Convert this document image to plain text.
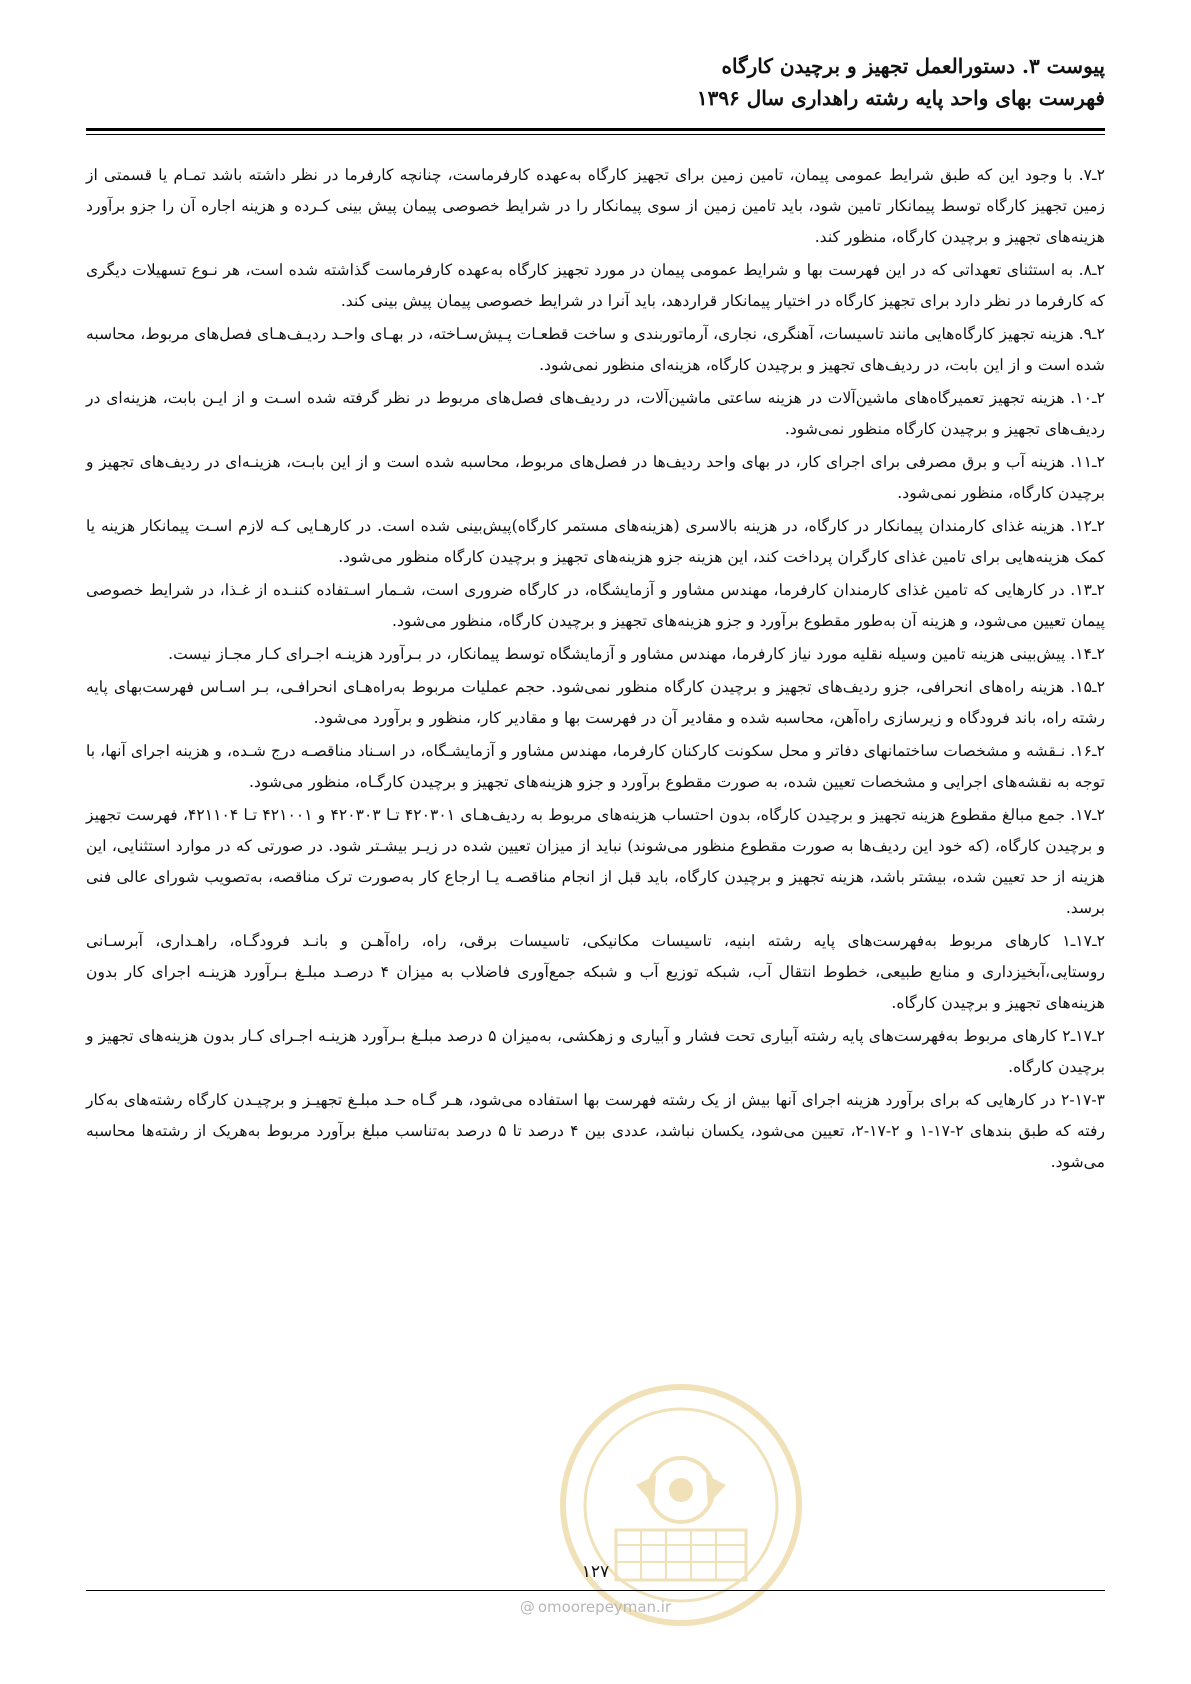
پیوست ۳. دستورالعمل تجهیز و برچیدن کارگاه
فهرست بهای واحد پایه رشته راهداری سال ۱۳۹۶

۲ـ۷. با وجود این که طبق شرایط عمومی پیمان، تامین زمین برای تجهیز کارگاه به‌عهده کارفرماست، چنانچه کارفرما در نظر داشته باشد تمـام یا قسمتی از زمین تجهیز کارگاه توسط پیمانکار تامین شود، باید تامین زمین از سوی پیمانکار را در شرایط خصوصی پیمان پیش بینی کـرده و هزینه اجاره آن را جزو برآورد هزینه‌های تجهیز و برچیدن کارگاه، منظور کند.

۲ـ۸. به استثنای تعهداتی که در این فهرست بها و شرایط عمومی پیمان در مورد تجهیز کارگاه به‌عهده کارفرماست گذاشته شده است، هر نـوع تسهیلات دیگری که کارفرما در نظر دارد برای تجهیز کارگاه در اختیار پیمانکار قراردهد، باید آنرا در شرایط خصوصی پیمان پیش بینی کند.

۲ـ۹. هزینه تجهیز کارگاه‌هایی مانند تاسیسات، آهنگری، نجاری، آرماتوربندی و ساخت قطعـات پـیش‌سـاخته، در بهـای واحـد ردیـف‌هـای فصل‌های مربوط، محاسبه شده است و از این بابت، در ردیف‌های تجهیز و برچیدن کارگاه، هزینه‌ای منظور نمی‌شود.

۲ـ۱۰. هزینه تجهیز تعمیرگاه‌های ماشین‌آلات در هزینه ساعتی ماشین‌آلات، در ردیف‌های فصل‌های مربوط در نظر گرفته شده اسـت و از ایـن بابت، هزینه‌ای در ردیف‌های تجهیز و برچیدن کارگاه منظور نمی‌شود.

۲ـ۱۱. هزینه آب و برق مصرفی برای اجرای کار، در بهای واحد ردیف‌ها در فصل‌های مربوط، محاسبه شده است و از این بابـت، هزینـه‌ای در ردیف‌های تجهیز و برچیدن کارگاه، منظور نمی‌شود.

۲ـ۱۲. هزینه غذای کارمندان پیمانکار در کارگاه، در هزینه بالاسری (هزینه‌های مستمر کارگاه)پیش‌بینی شده است. در کارهـایی کـه لازم اسـت پیمانکار هزینه یا کمک هزینه‌هایی برای تامین غذای کارگران پرداخت کند، این هزینه جزو هزینه‌های تجهیز و برچیدن کارگاه منظور می‌شود.

۲ـ۱۳. در کارهایی که تامین غذای کارمندان کارفرما، مهندس مشاور و آزمایشگاه، در کارگاه ضروری است، شـمار اسـتفاده کننـده از غـذا، در شرایط خصوصی پیمان تعیین می‌شود، و هزینه آن به‌طور مقطوع برآورد و جزو هزینه‌های تجهیز و برچیدن کارگاه، منظور می‌شود.

۲ـ۱۴. پیش‌بینی هزینه تامین وسیله نقلیه مورد نیاز کارفرما، مهندس مشاور و آزمایشگاه توسط پیمانکار، در بـرآورد هزینـه اجـرای کـار مجـاز نیست.

۲ـ۱۵. هزینه راه‌های انحرافی، جزو ردیف‌های تجهیز و برچیدن کارگاه منظور نمی‌شود. حجم عملیات مربوط به‌راه‌هـای انحرافـی، بـر اسـاس فهرست‌بهای پایه رشته راه، باند فرودگاه و زیرسازی راه‌آهن، محاسبه شده و مقادیر آن در فهرست بها و مقادیر کار، منظور و برآورد می‌شود.

۲ـ۱۶. نـقشه و مشخصات ساختمانهای دفاتر و محل سکونت کارکنان کارفرما، مهندس مشاور و آزمایشـگاه، در اسـناد مناقصـه درج شـده، و هزینه اجرای آنها، با توجه به نقشه‌های اجرایی و مشخصات تعیین شده، به صورت مقطوع برآورد و جزو هزینه‌های تجهیز و برچیدن کارگـاه، منظور می‌شود.

۲ـ۱۷. جمع مبالغ مقطوع هزینه تجهیز و برچیدن کارگاه، بدون احتساب هزینه‌های مربوط به ردیف‌هـای ۴۲۰۳۰۱ تـا ۴۲۰۳۰۳ و ۴۲۱۰۰۱ تـا ۴۲۱۱۰۴، فهرست تجهیز و برچیدن کارگاه، (که خود این ردیف‌ها به صورت مقطوع منظور می‌شوند) نباید از میزان تعیین شده در زیـر بیشـتر شود. در صورتی که در موارد استثنایی، این هزینه از حد تعیین شده، بیشتر باشد، هزینه تجهیز و برچیدن کارگاه، باید قبل از انجام مناقصـه یـا ارجاع کار به‌صورت ترک مناقصه، به‌تصویب شورای عالی فنی برسد.

۲ـ۱۷ـ۱ کارهای مربوط به‌فهرست‌های پایه رشته ابنیه، تاسیسات مکانیکی، تاسیسات برقی، راه، راه‌آهـن و بانـد فرودگـاه، راهـداری، آبرسـانی روستایی،آبخیزداری و منابع طبیعی، خطوط انتقال آب، شبکه توزیع آب و شبکه جمع‌آوری فاضلاب به میزان ۴ درصـد مبلـغ بـرآورد هزینـه اجرای کار بدون هزینه‌های تجهیز و برچیدن کارگاه.

۲ـ۱۷ـ۲ کارهای مربوط به‌فهرست‌های پایه رشته آبیاری تحت فشار و آبیاری و زهکشی، به‌میزان ۵ درصد مبلـغ بـرآورد هزینـه اجـرای کـار بدون هزینه‌های تجهیز و برچیدن کارگاه.

۲-۱۷-۳ در کارهایی که برای برآورد هزینه اجرای آنها بیش از یک رشته فهرست بها استفاده می‌شود، هـر گـاه حـد مبلـغ تجهیـز و برچیـدن کارگاه رشته‌های به‌کار رفته که طبق بندهای ۲-۱۷-۱ و ۲-۱۷-۲، تعیین می‌شود، یکسان نباشد، عددی بین ۴ درصد تا ۵ درصد به‌تناسب مبلغ برآورد مربوط به‌هریک از رشته‌ها محاسبه می‌شود.

۱۲۷
@ omoorepeyman.ir
